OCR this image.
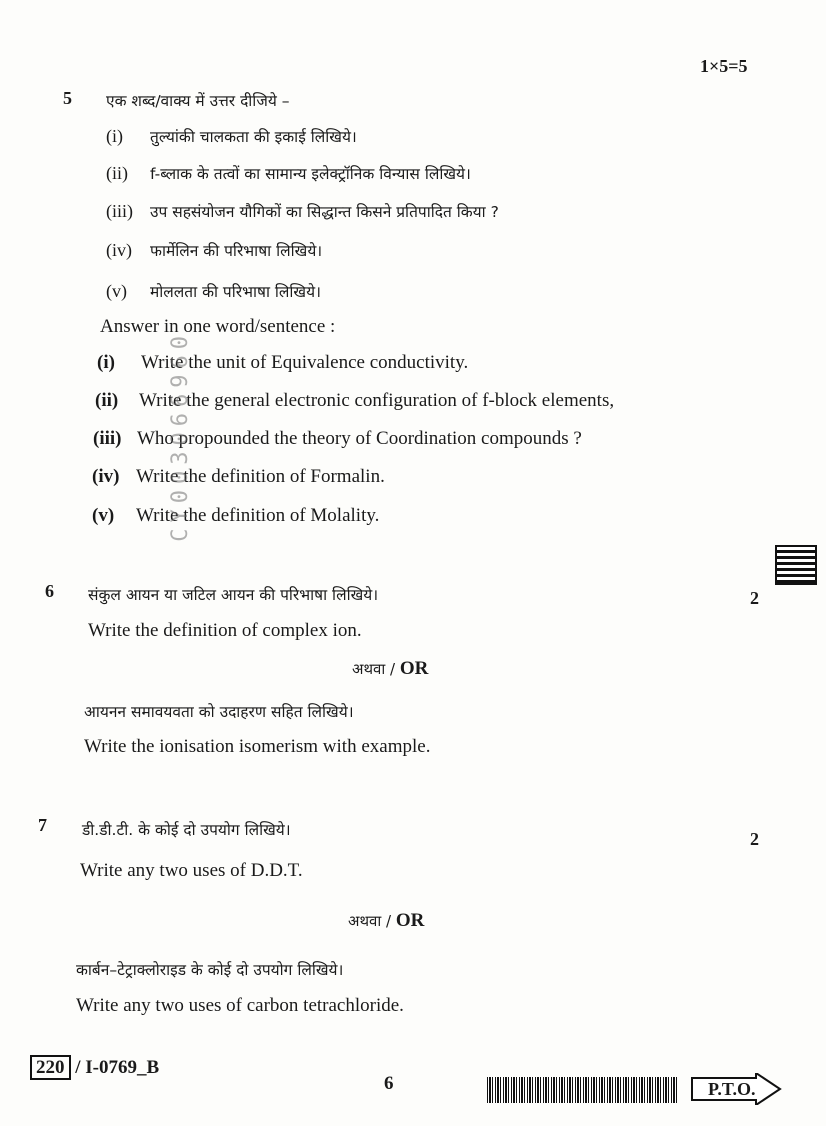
1×5=5
5 एक शब्द/वाक्य में उत्तर दीजिये –
(i) तुल्यांकी चालकता की इकाई लिखिये।
(ii) f-ब्लाक के तत्वों का सामान्य इलेक्ट्रॉनिक विन्यास लिखिये।
(iii) उप सहसंयोजन यौगिकों का सिद्धान्त किसने प्रतिपादित किया ?
(iv) फार्मेलिन की परिभाषा लिखिये।
(v) मोललता की परिभाषा लिखिये।
Answer in one word/sentence :
(i) Write the unit of Equivalence conductivity.
(ii) Write the general electronic configuration of f-block elements,
(iii) Who propounded the theory of Coordination compounds ?
(iv) Write the definition of Formalin.
(v) Write the definition of Molality.
6 संकुल आयन या जटिल आयन की परिभाषा लिखिये।	2
Write the definition of complex ion.
अथवा / OR
आयनन समावयवता को उदाहरण सहित लिखिये।
Write the ionisation isomerism with example.
7 डी.डी.टी. के कोई दो उपयोग लिखिये।	2
Write any two uses of D.D.T.
अथवा / OR
कार्बन–टेट्राक्लोराइड के कोई दो उपयोग लिखिये।
Write any two uses of carbon tetrachloride.
CY003066960
220 / I-0769_B
6	P.T.O.
